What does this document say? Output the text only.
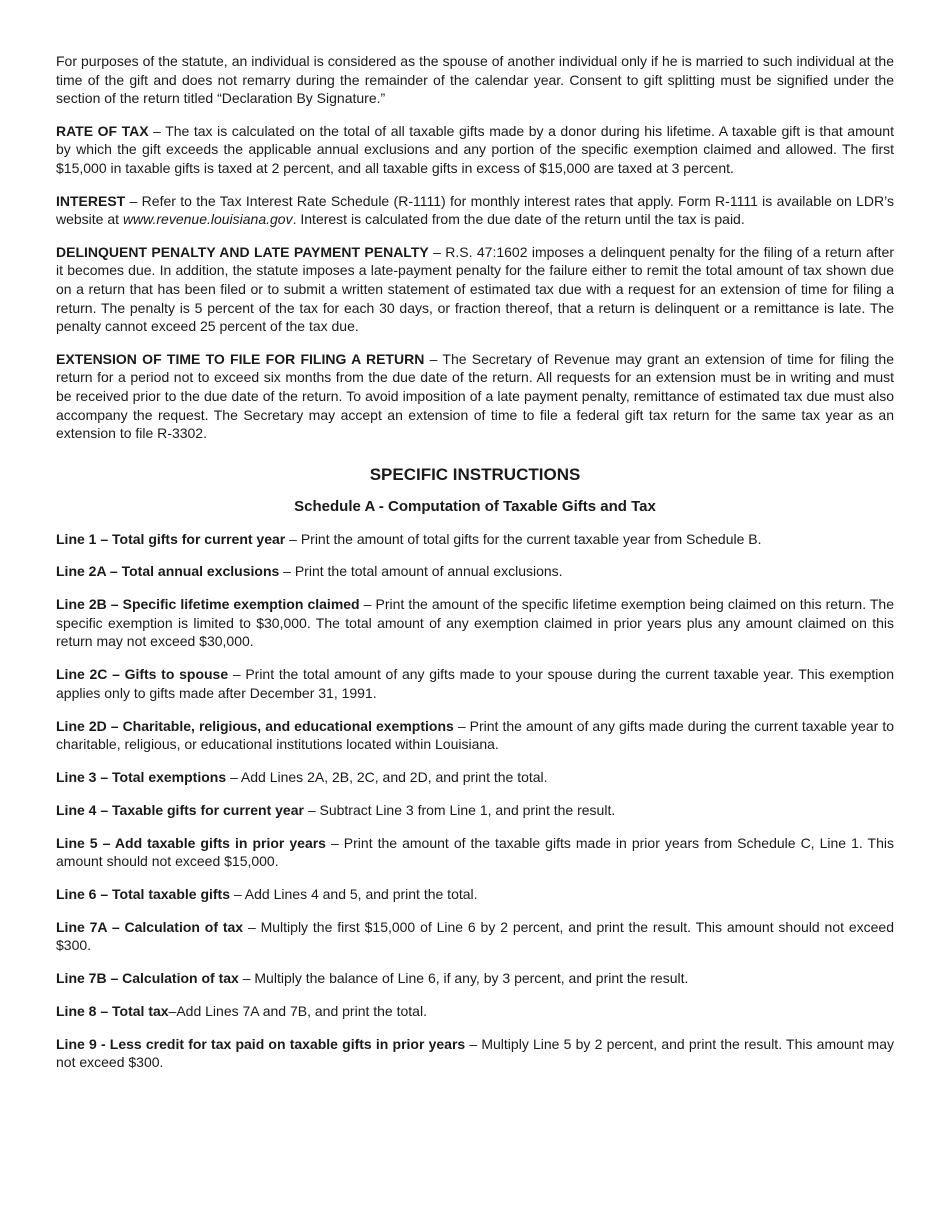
For purposes of the statute, an individual is considered as the spouse of another individual only if he is married to such individual at the time of the gift and does not remarry during the remainder of the calendar year. Consent to gift splitting must be signified under the section of the return titled “Declaration By Signature.”

RATE OF TAX – The tax is calculated on the total of all taxable gifts made by a donor during his lifetime. A taxable gift is that amount by which the gift exceeds the applicable annual exclusions and any portion of the specific exemption claimed and allowed. The first $15,000 in taxable gifts is taxed at 2 percent, and all taxable gifts in excess of $15,000 are taxed at 3 percent.

INTEREST – Refer to the Tax Interest Rate Schedule (R-1111) for monthly interest rates that apply. Form R-1111 is available on LDR’s website at www.revenue.louisiana.gov. Interest is calculated from the due date of the return until the tax is paid.

DELINQUENT PENALTY AND LATE PAYMENT PENALTY – R.S. 47:1602 imposes a delinquent penalty for the filing of a return after it becomes due. In addition, the statute imposes a late-payment penalty for the failure either to remit the total amount of tax shown due on a return that has been filed or to submit a written statement of estimated tax due with a request for an extension of time for filing a return. The penalty is 5 percent of the tax for each 30 days, or fraction thereof, that a return is delinquent or a remittance is late. The penalty cannot exceed 25 percent of the tax due.

EXTENSION OF TIME TO FILE FOR FILING A RETURN – The Secretary of Revenue may grant an extension of time for filing the return for a period not to exceed six months from the due date of the return. All requests for an extension must be in writing and must be received prior to the due date of the return. To avoid imposition of a late payment penalty, remittance of estimated tax due must also accompany the request. The Secretary may accept an extension of time to file a federal gift tax return for the same tax year as an extension to file R-3302.

SPECIFIC INSTRUCTIONS
Schedule A - Computation of Taxable Gifts and Tax

Line 1 – Total gifts for current year – Print the amount of total gifts for the current taxable year from Schedule B.

Line 2A – Total annual exclusions – Print the total amount of annual exclusions.

Line 2B – Specific lifetime exemption claimed – Print the amount of the specific lifetime exemption being claimed on this return. The specific exemption is limited to $30,000. The total amount of any exemption claimed in prior years plus any amount claimed on this return may not exceed $30,000.

Line 2C – Gifts to spouse – Print the total amount of any gifts made to your spouse during the current taxable year. This exemption applies only to gifts made after December 31, 1991.

Line 2D – Charitable, religious, and educational exemptions – Print the amount of any gifts made during the current taxable year to charitable, religious, or educational institutions located within Louisiana.

Line 3 – Total exemptions – Add Lines 2A, 2B, 2C, and 2D, and print the total.

Line 4 – Taxable gifts for current year – Subtract Line 3 from Line 1, and print the result.

Line 5 – Add taxable gifts in prior years – Print the amount of the taxable gifts made in prior years from Schedule C, Line 1. This amount should not exceed $15,000.

Line 6 – Total taxable gifts – Add Lines 4 and 5, and print the total.

Line 7A – Calculation of tax – Multiply the first $15,000 of Line 6 by 2 percent, and print the result. This amount should not exceed $300.

Line 7B – Calculation of tax – Multiply the balance of Line 6, if any, by 3 percent, and print the result.

Line 8 – Total tax–Add Lines 7A and 7B, and print the total.

Line 9 - Less credit for tax paid on taxable gifts in prior years – Multiply Line 5 by 2 percent, and print the result. This amount may not exceed $300.
